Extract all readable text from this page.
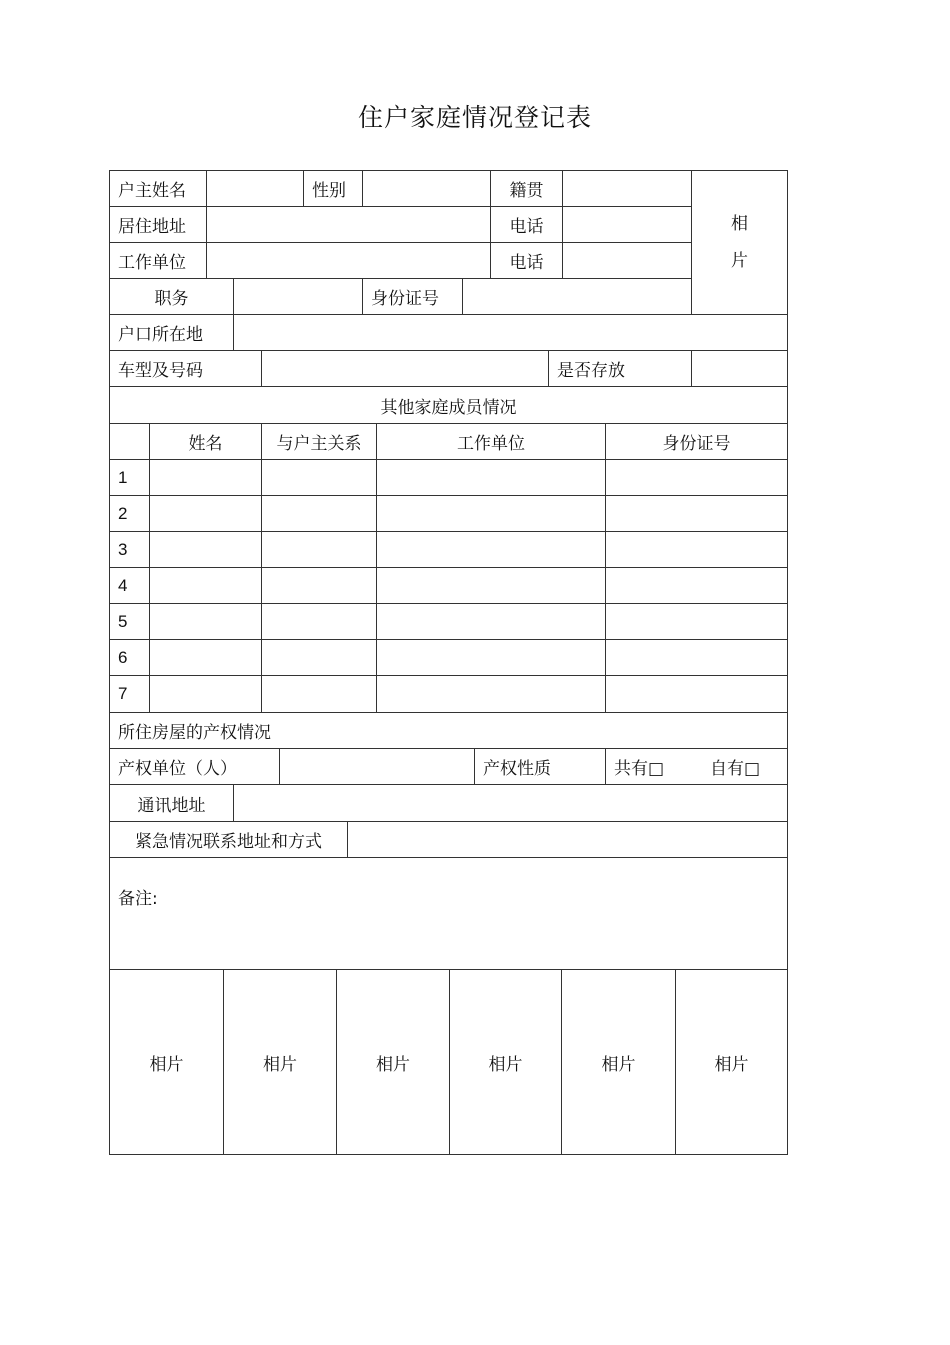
住户家庭情况登记表
户主姓名	性别	籍贯
相
片
居住地址	电话
工作单位	电话
职务	身份证号
户口所在地
车型及号码	是否存放
其他家庭成员情况
姓名	与户主关系	工作单位	身份证号
1
2
3
4
5
6
7
所住房屋的产权情况
产权单位（人）	产权性质	共有□	自有□
通讯地址
紧急情况联系地址和方式
备注:
相片	相片	相片	相片	相片	相片
